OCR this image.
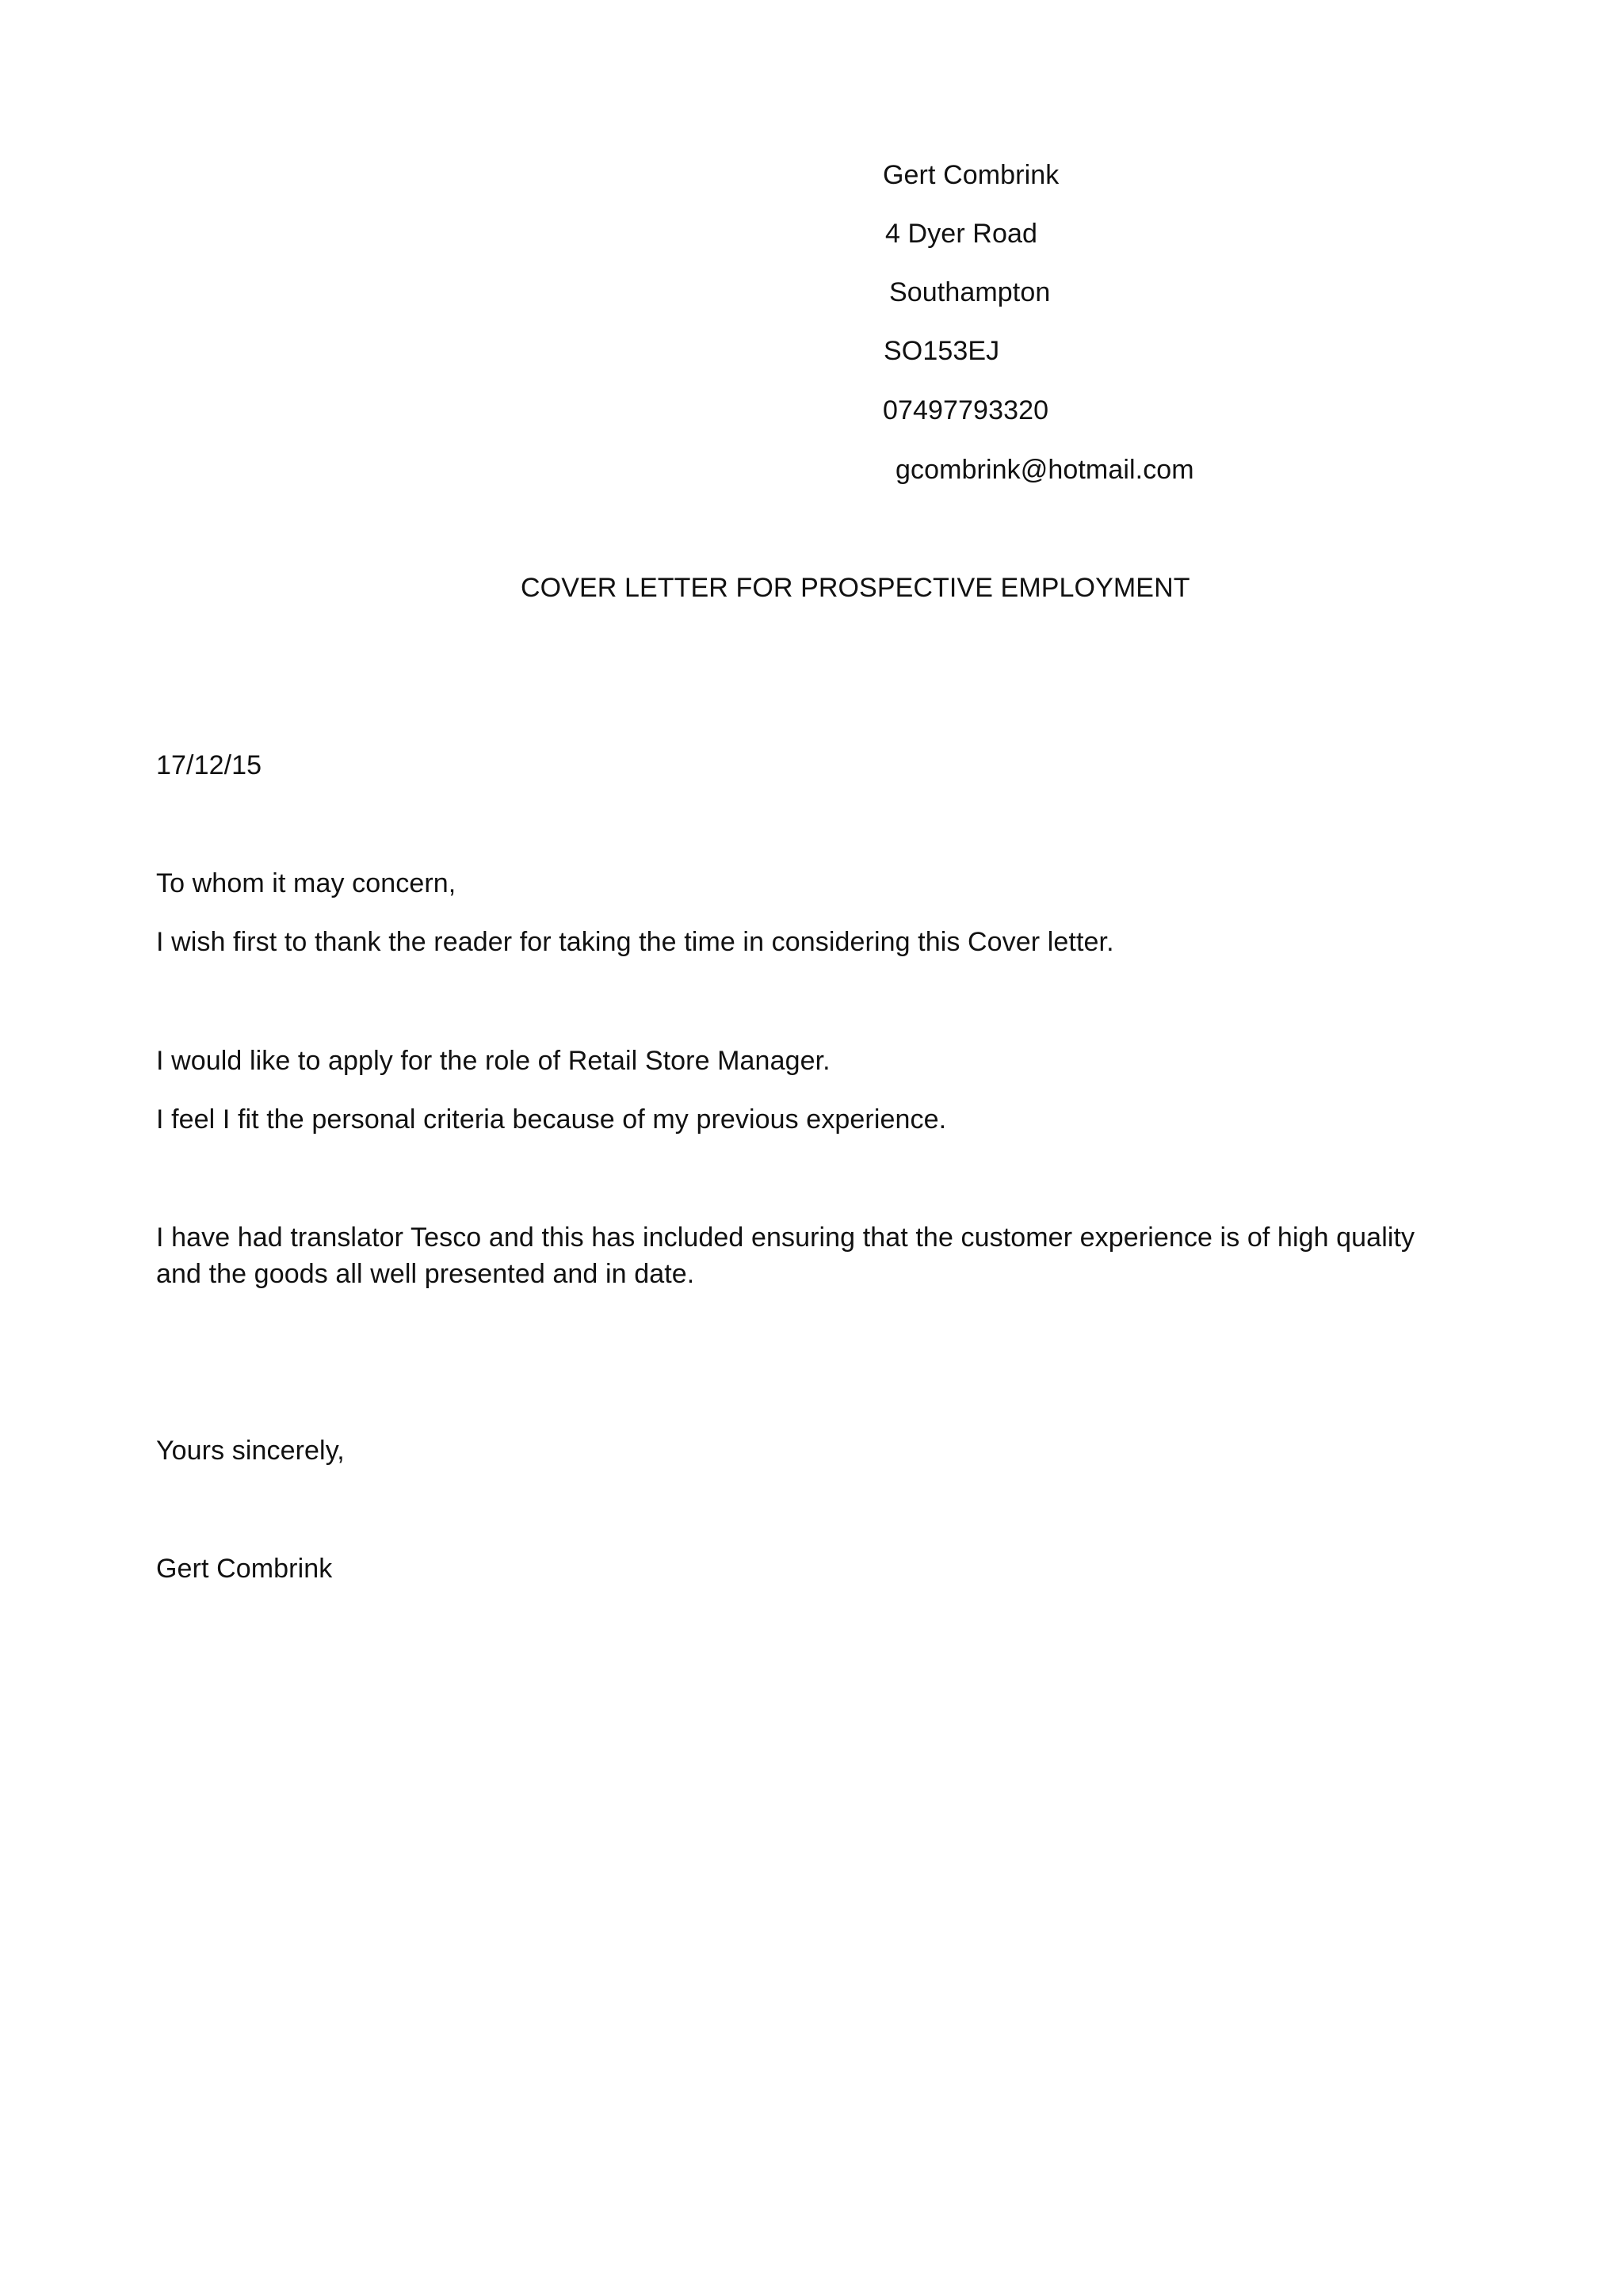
Gert Combrink
4 Dyer Road
Southampton
SO153EJ
07497793320
gcombrink@hotmail.com
COVER LETTER FOR PROSPECTIVE EMPLOYMENT
17/12/15
To whom it may concern,
I wish first to thank the reader for taking the time in considering this Cover letter.
I would like to apply for the role of Retail Store Manager.
I feel I fit the personal criteria because of my previous experience.
I have had translator Tesco and this has included ensuring that the customer experience is of high quality
and the goods all well presented and in date.
Yours sincerely,
Gert Combrink
